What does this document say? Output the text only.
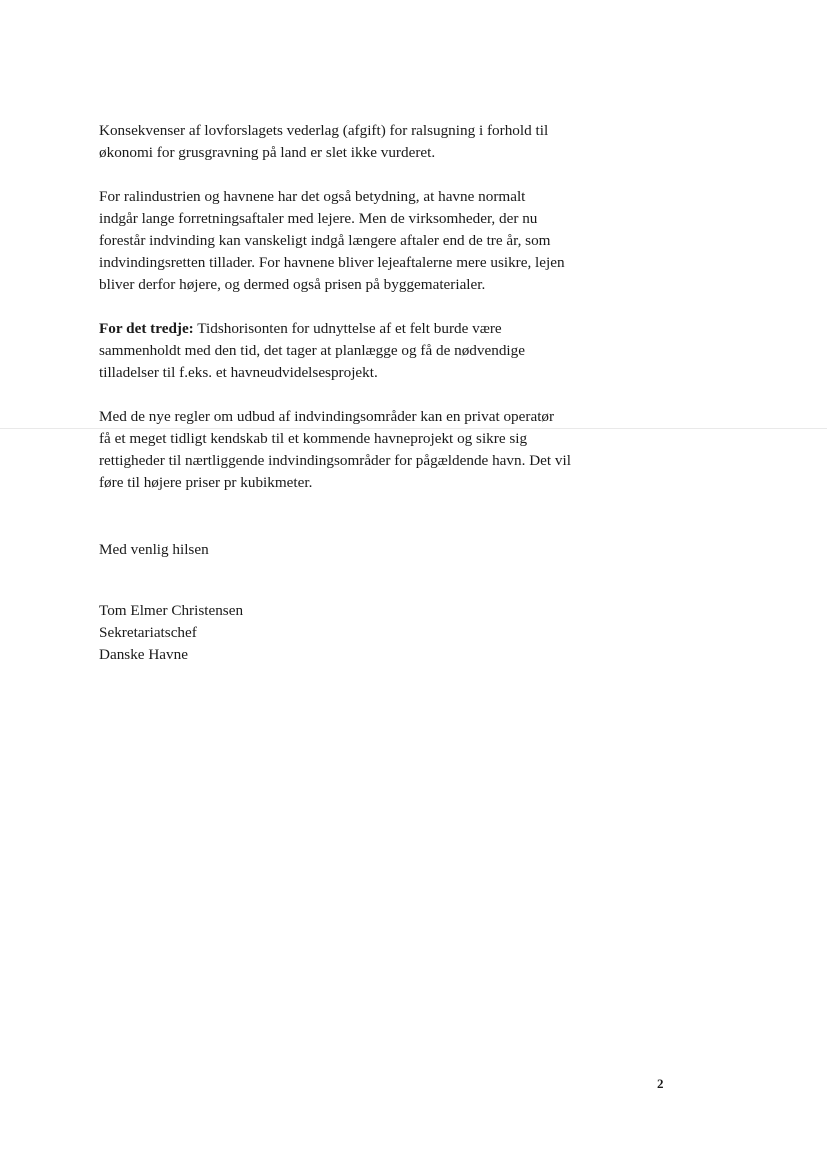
Konsekvenser af lovforslagets vederlag (afgift) for ralsugning i forhold til
økonomi for grusgravning på land er slet ikke vurderet.

For ralindustrien og havnene har det også betydning, at havne normalt
indgår lange forretningsaftaler med lejere. Men de virksomheder, der nu
forestår indvinding kan vanskeligt indgå længere aftaler end de tre år, som
indvindingsretten tillader. For havnene bliver lejeaftalerne mere usikre, lejen
bliver derfor højere, og dermed også prisen på byggematerialer.

For det tredje: Tidshorisonten for udnyttelse af et felt burde være
sammenholdt med den tid, det tager at planlægge og få de nødvendige
tilladelser til f.eks. et havneudvidelsesprojekt.

Med de nye regler om udbud af indvindingsområder kan en privat operatør
få et meget tidligt kendskab til et kommende havneprojekt og sikre sig
rettigheder til nærtliggende indvindingsområder for pågældende havn. Det vil
føre til højere priser pr kubikmeter.

Med venlig hilsen
Tom Elmer Christensen
Sekretariatschef
Danske Havne
2
